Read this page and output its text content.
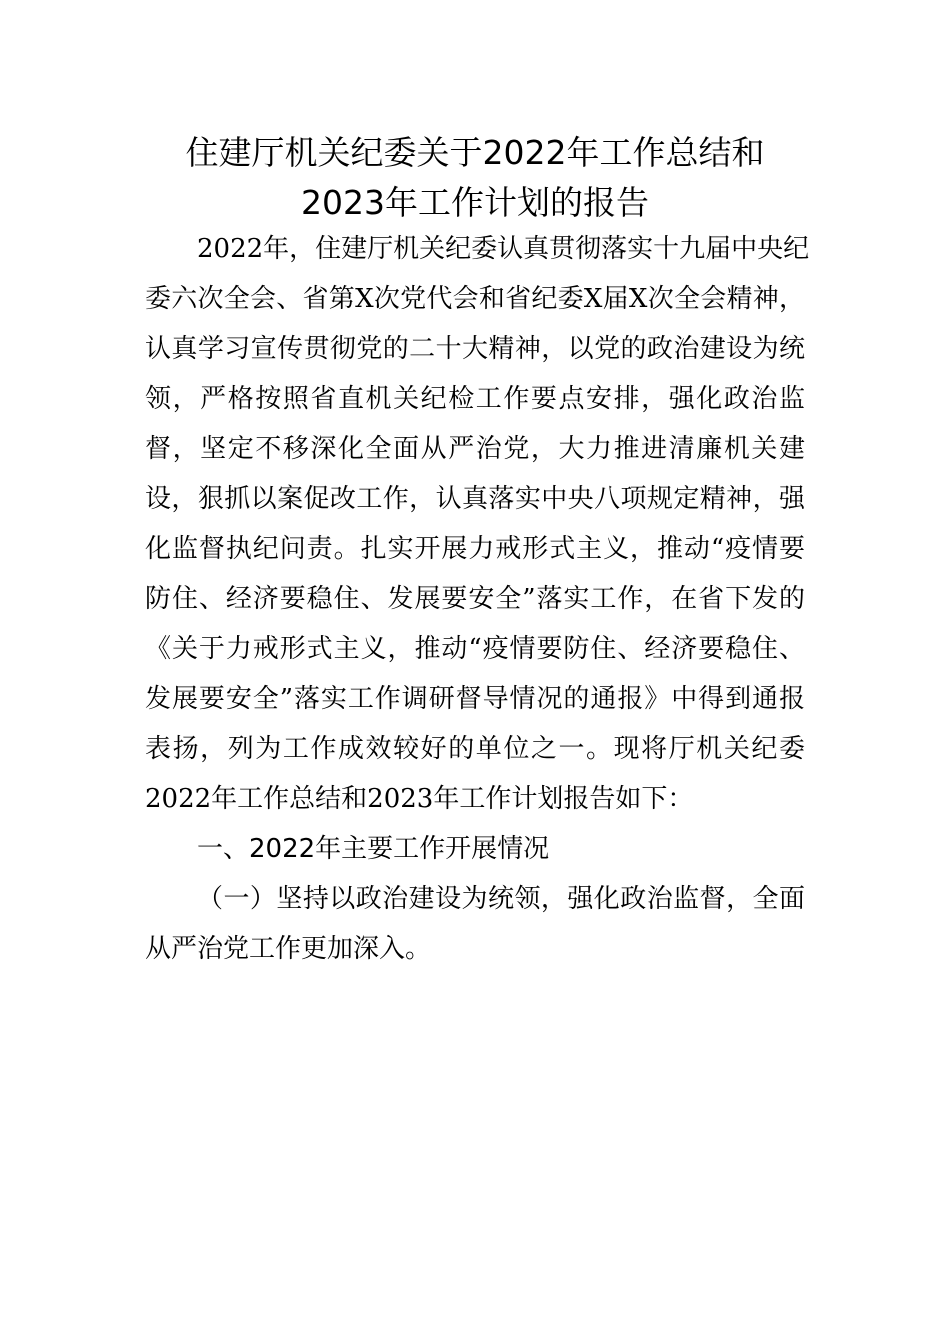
住建厅机关纪委关于2022年工作总结和
2023年工作计划的报告
2022年，住建厅机关纪委认真贯彻落实十九届中央纪
委六次全会、省第X次党代会和省纪委X届X次全会精神，
认真学习宣传贯彻党的二十大精神，以党的政治建设为统
领，严格按照省直机关纪检工作要点安排，强化政治监
督，坚定不移深化全面从严治党，大力推进清廉机关建
设，狠抓以案促改工作，认真落实中央八项规定精神，强
化监督执纪问责。扎实开展力戒形式主义，推动“疫情要
防住、经济要稳住、发展要安全”落实工作，在省下发的
《关于力戒形式主义，推动“疫情要防住、经济要稳住、
发展要安全”落实工作调研督导情况的通报》中得到通报
表扬，列为工作成效较好的单位之一。现将厅机关纪委
2022年工作总结和2023年工作计划报告如下：
一、2022年主要工作开展情况
（一）坚持以政治建设为统领，强化政治监督，全面
从严治党工作更加深入。
